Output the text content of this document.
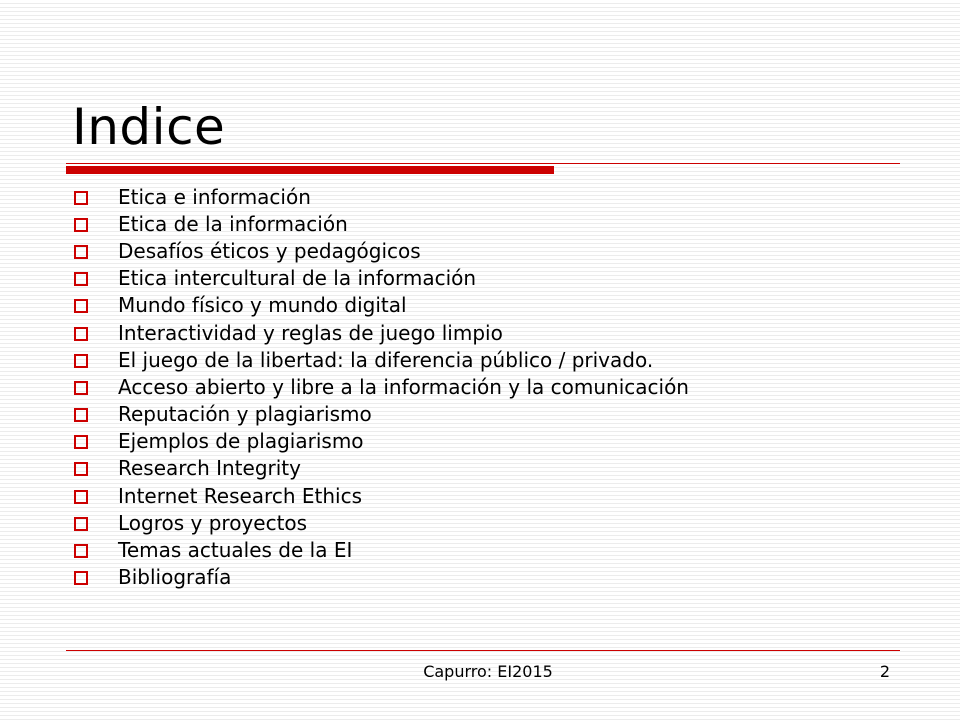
Indice
Etica e información
Etica de la información
Desafíos éticos y pedagógicos
Etica intercultural de la información
Mundo físico y mundo digital
Interactividad y reglas de juego limpio
El juego de la libertad: la diferencia público / privado.
Acceso abierto y libre a la información y la comunicación
Reputación y plagiarismo
Ejemplos de plagiarismo
Research Integrity
Internet Research Ethics
Logros y proyectos
Temas actuales de la EI
Bibliografía
Capurro: EI2015	2
